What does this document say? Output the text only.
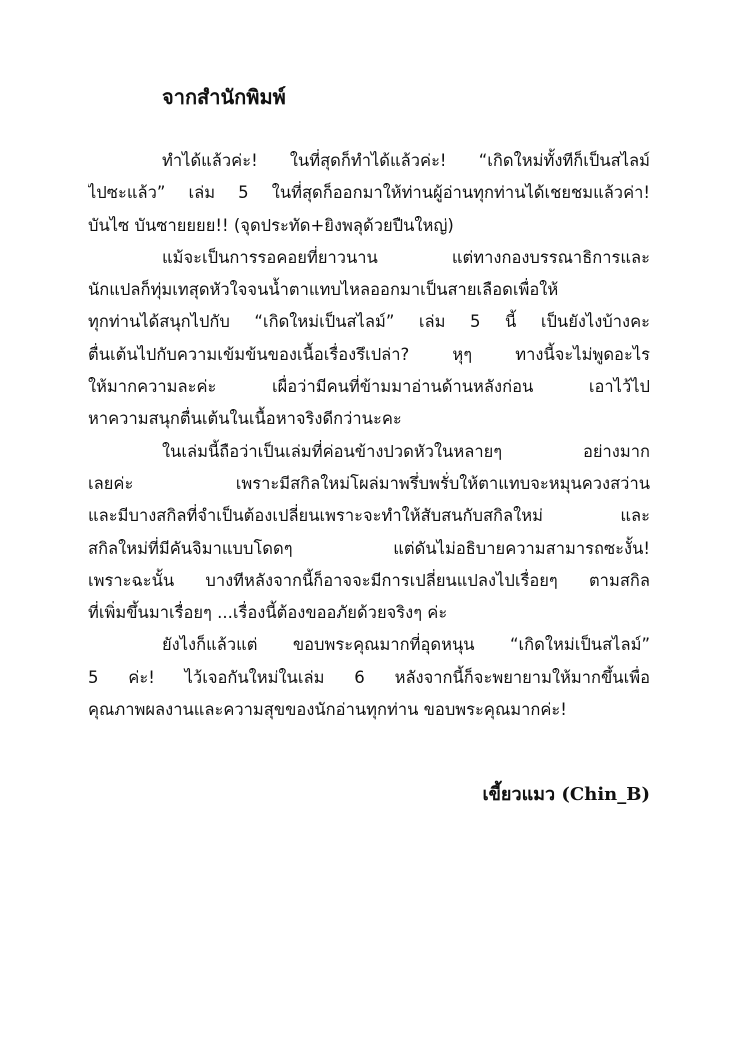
จากสำนักพิมพ์
ทำได้แล้วค่ะ! ในที่สุดก็ทำได้แล้วค่ะ! “เกิดใหม่ทั้งทีก็เป็นสไลม์
ไปซะแล้ว” เล่ม 5 ในที่สุดก็ออกมาให้ท่านผู้อ่านทุกท่านได้เชยชมแล้วค่า!
บันไซ บันซายยยย!! (จุดประทัด+ยิงพลุด้วยปืนใหญ่)
แม้จะเป็นการรอคอยที่ยาวนาน แต่ทางกองบรรณาธิการและ
นักแปลก็ทุ่มเทสุดหัวใจจนน้ำตาแทบไหลออกมาเป็นสายเลือดเพื่อให้
ทุกท่านได้สนุกไปกับ “เกิดใหม่เป็นสไลม์” เล่ม 5 นี้ เป็นยังไงบ้างคะ
ตื่นเต้นไปกับความเข้มข้นของเนื้อเรื่องรึเปล่า? หุๆ ทางนี้จะไม่พูดอะไร
ให้มากความละค่ะ เผื่อว่ามีคนที่ข้ามมาอ่านด้านหลังก่อน เอาไว้ไป
หาความสนุกตื่นเต้นในเนื้อหาจริงดีกว่านะคะ
ในเล่มนี้ถือว่าเป็นเล่มที่ค่อนข้างปวดหัวในหลายๆ อย่างมาก
เลยค่ะ เพราะมีสกิลใหม่โผล่มาพรึ่บพรั่บให้ตาแทบจะหมุนควงสว่าน
และมีบางสกิลที่จำเป็นต้องเปลี่ยนเพราะจะทำให้สับสนกับสกิลใหม่ และ
สกิลใหม่ที่มีคันจิมาแบบโดดๆ แต่ดันไม่อธิบายความสามารถซะงั้น!
เพราะฉะนั้น บางทีหลังจากนี้ก็อาจจะมีการเปลี่ยนแปลงไปเรื่อยๆ ตามสกิล
ที่เพิ่มขึ้นมาเรื่อยๆ ...เรื่องนี้ต้องขออภัยด้วยจริงๆ ค่ะ
ยังไงก็แล้วแต่ ขอบพระคุณมากที่อุดหนุน “เกิดใหม่เป็นสไลม์”
5 ค่ะ! ไว้เจอกันใหม่ในเล่ม 6 หลังจากนี้ก็จะพยายามให้มากขึ้นเพื่อ
คุณภาพผลงานและความสุขของนักอ่านทุกท่าน ขอบพระคุณมากค่ะ!
เขี้ยวแมว (Chin_B)
